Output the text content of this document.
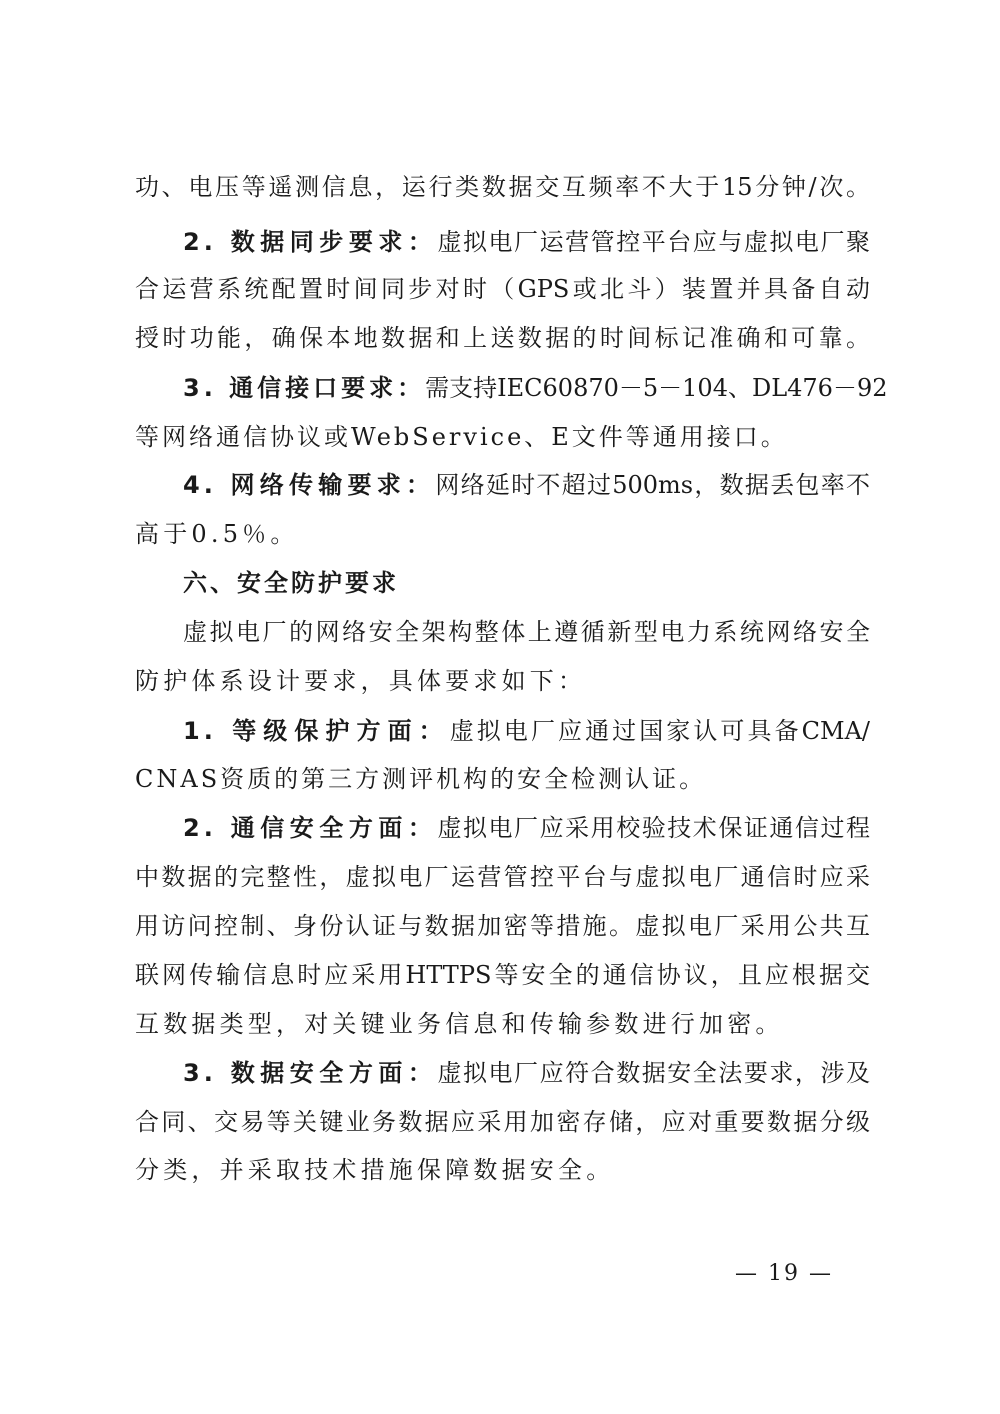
功、电压等遥测信息，运行类数据交互频率不大于15分钟/次。
2. 数据同步要求：虚拟电厂运营管控平台应与虚拟电厂聚
合运营系统配置时间同步对时（GPS或北斗）装置并具备自动
授时功能，确保本地数据和上送数据的时间标记准确和可靠。
3. 通信接口要求：需支持IEC60870－5－104、DL476－92
等网络通信协议或WebService、E文件等通用接口。
4. 网络传输要求：网络延时不超过500ms，数据丢包率不
高于0.5％。
六、安全防护要求
虚拟电厂的网络安全架构整体上遵循新型电力系统网络安全
防护体系设计要求，具体要求如下：
1. 等级保护方面：虚拟电厂应通过国家认可具备CMA/
CNAS资质的第三方测评机构的安全检测认证。
2. 通信安全方面：虚拟电厂应采用校验技术保证通信过程
中数据的完整性，虚拟电厂运营管控平台与虚拟电厂通信时应采
用访问控制、身份认证与数据加密等措施。虚拟电厂采用公共互
联网传输信息时应采用HTTPS等安全的通信协议，且应根据交
互数据类型，对关键业务信息和传输参数进行加密。
3. 数据安全方面：虚拟电厂应符合数据安全法要求，涉及
合同、交易等关键业务数据应采用加密存储，应对重要数据分级
分类，并采取技术措施保障数据安全。
— 19 —
